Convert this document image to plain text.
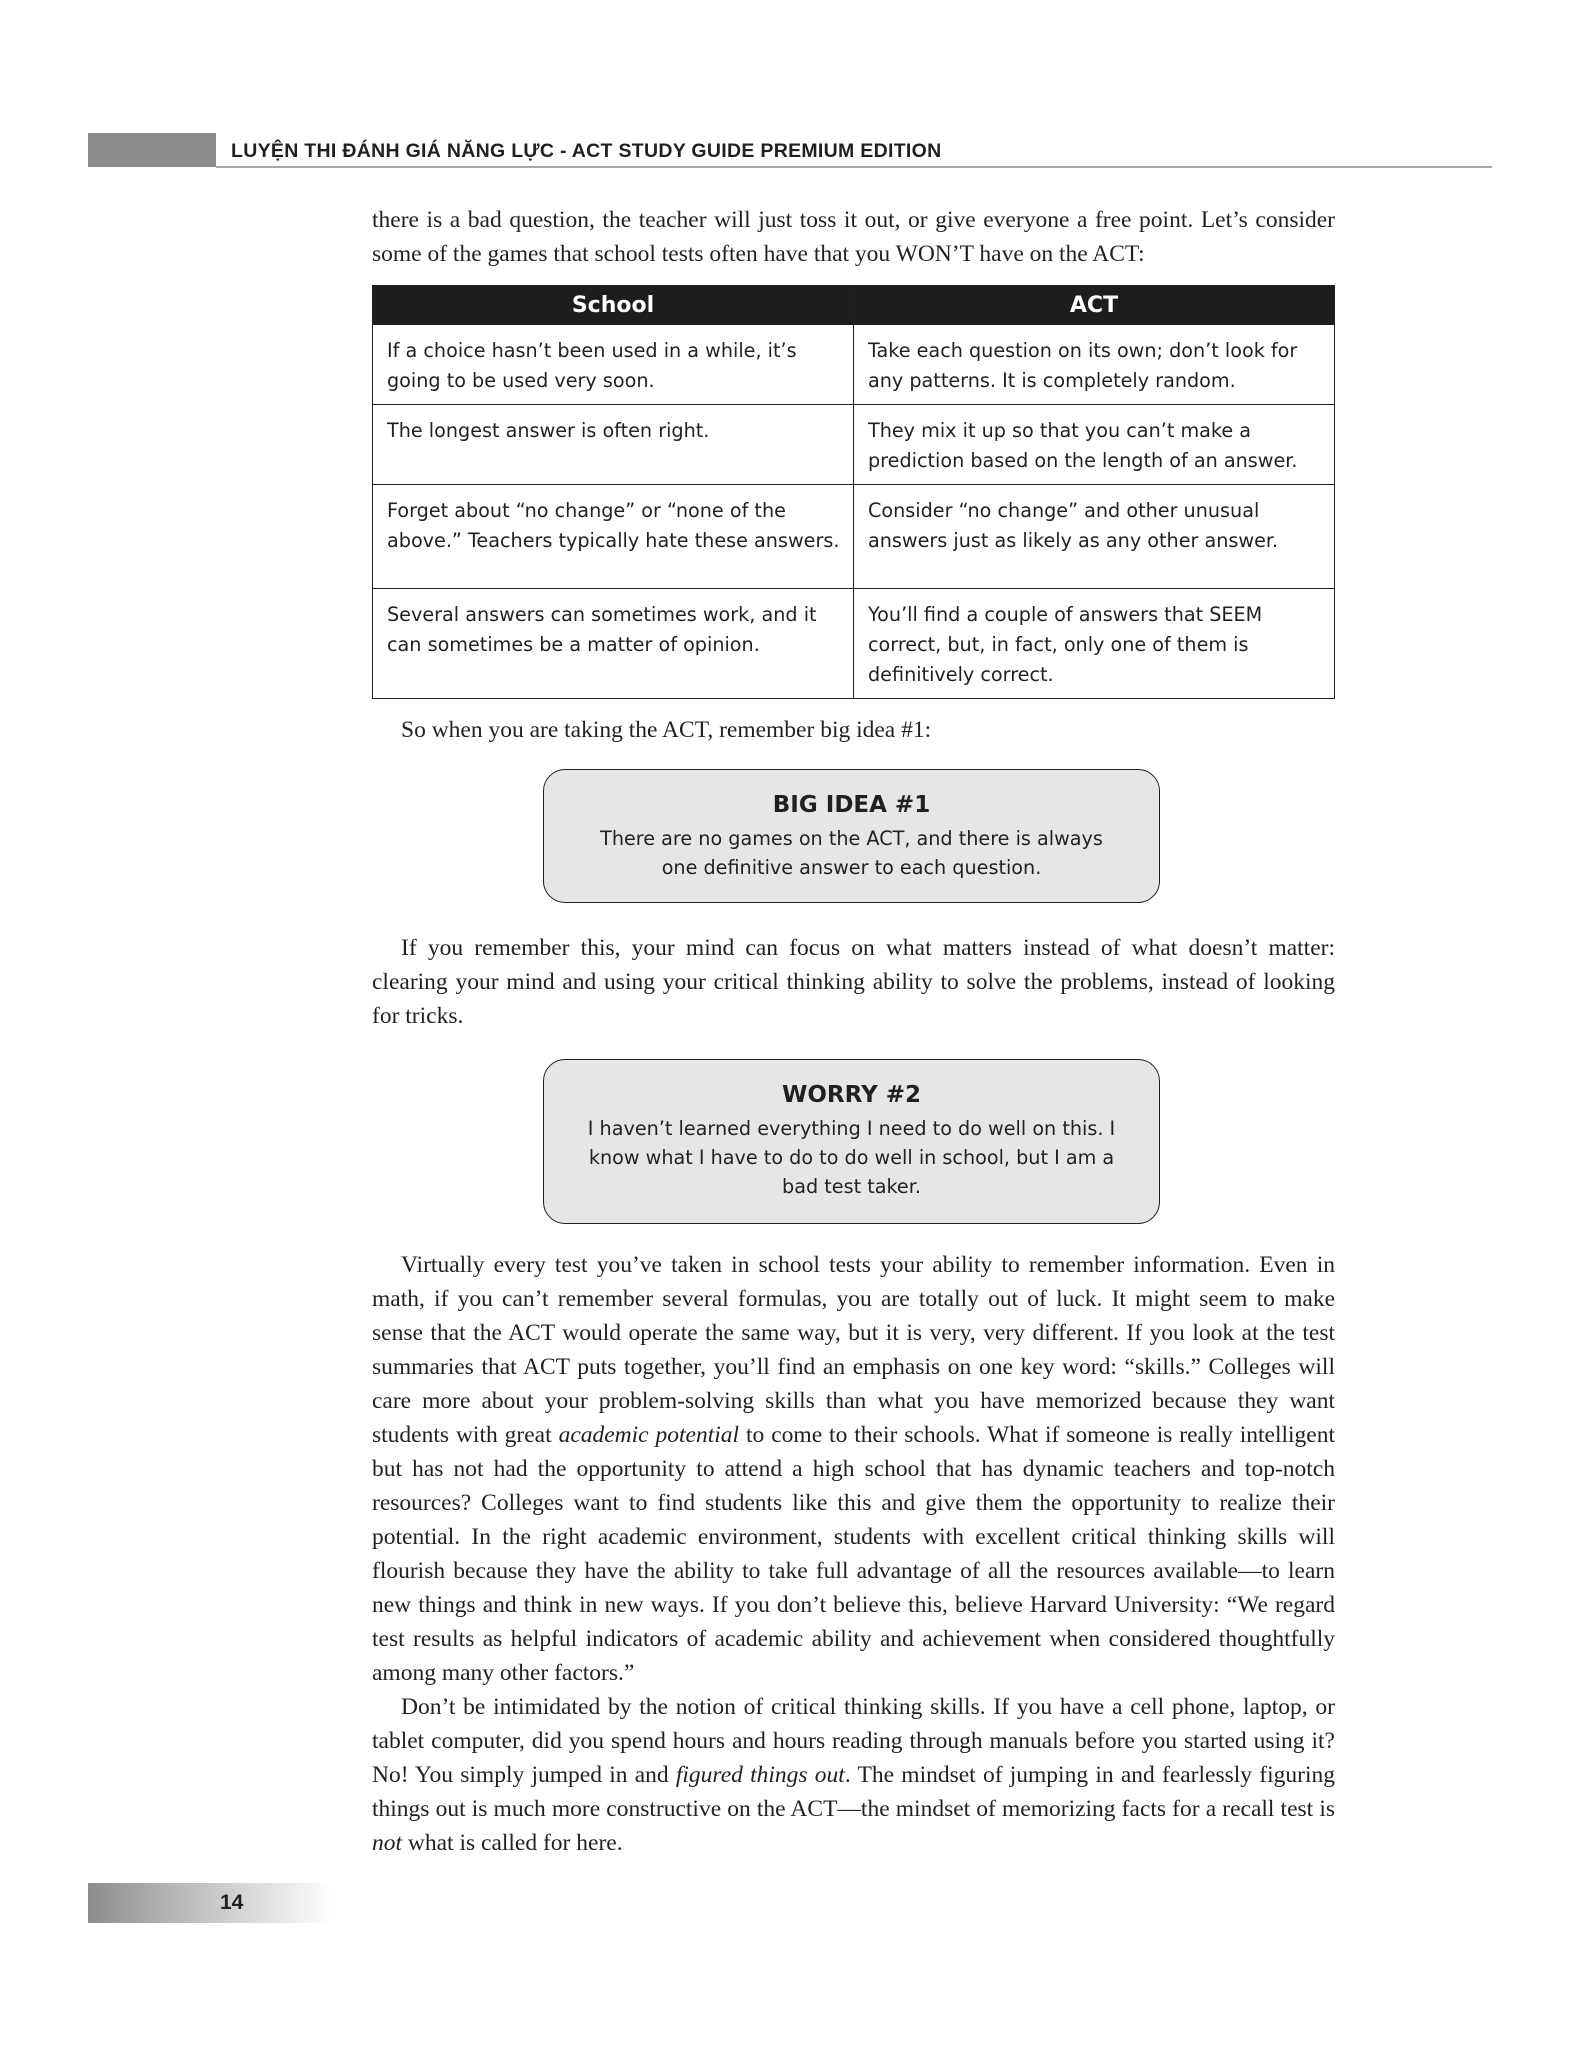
LUYỆN THI ĐÁNH GIÁ NĂNG LỰC - ACT STUDY GUIDE PREMIUM EDITION

there is a bad question, the teacher will just toss it out, or give everyone a free point. Let’s consider some of the games that school tests often have that you WON’T have on the ACT:

School	ACT
If a choice hasn’t been used in a while, it’s going to be used very soon.	Take each question on its own; don’t look for any patterns. It is completely random.
The longest answer is often right.	They mix it up so that you can’t make a prediction based on the length of an answer.
Forget about “no change” or “none of the above.” Teachers typically hate these answers.	Consider “no change” and other unusual answers just as likely as any other answer.
Several answers can sometimes work, and it can sometimes be a matter of opinion.	You’ll find a couple of answers that SEEM correct, but, in fact, only one of them is definitively correct.

So when you are taking the ACT, remember big idea #1:

BIG IDEA #1
There are no games on the ACT, and there is always one definitive answer to each question.

If you remember this, your mind can focus on what matters instead of what doesn’t matter: clearing your mind and using your critical thinking ability to solve the problems, instead of looking for tricks.

WORRY #2
I haven’t learned everything I need to do well on this. I know what I have to do to do well in school, but I am a bad test taker.

Virtually every test you’ve taken in school tests your ability to remember information. Even in math, if you can’t remember several formulas, you are totally out of luck. It might seem to make sense that the ACT would operate the same way, but it is very, very different. If you look at the test summaries that ACT puts together, you’ll find an emphasis on one key word: “skills.” Colleges will care more about your problem-solving skills than what you have memorized because they want students with great academic potential to come to their schools. What if someone is really intelligent but has not had the opportunity to attend a high school that has dynamic teachers and top-notch resources? Colleges want to find students like this and give them the opportunity to realize their potential. In the right academic environment, students with excellent critical thinking skills will flourish because they have the ability to take full advantage of all the resources available—to learn new things and think in new ways. If you don’t believe this, believe Harvard University: “We regard test results as helpful indicators of academic ability and achievement when considered thoughtfully among many other factors.”

Don’t be intimidated by the notion of critical thinking skills. If you have a cell phone, laptop, or tablet computer, did you spend hours and hours reading through manuals before you started using it? No! You simply jumped in and figured things out. The mindset of jumping in and fearlessly figuring things out is much more constructive on the ACT—the mindset of memorizing facts for a recall test is not what is called for here.

14
